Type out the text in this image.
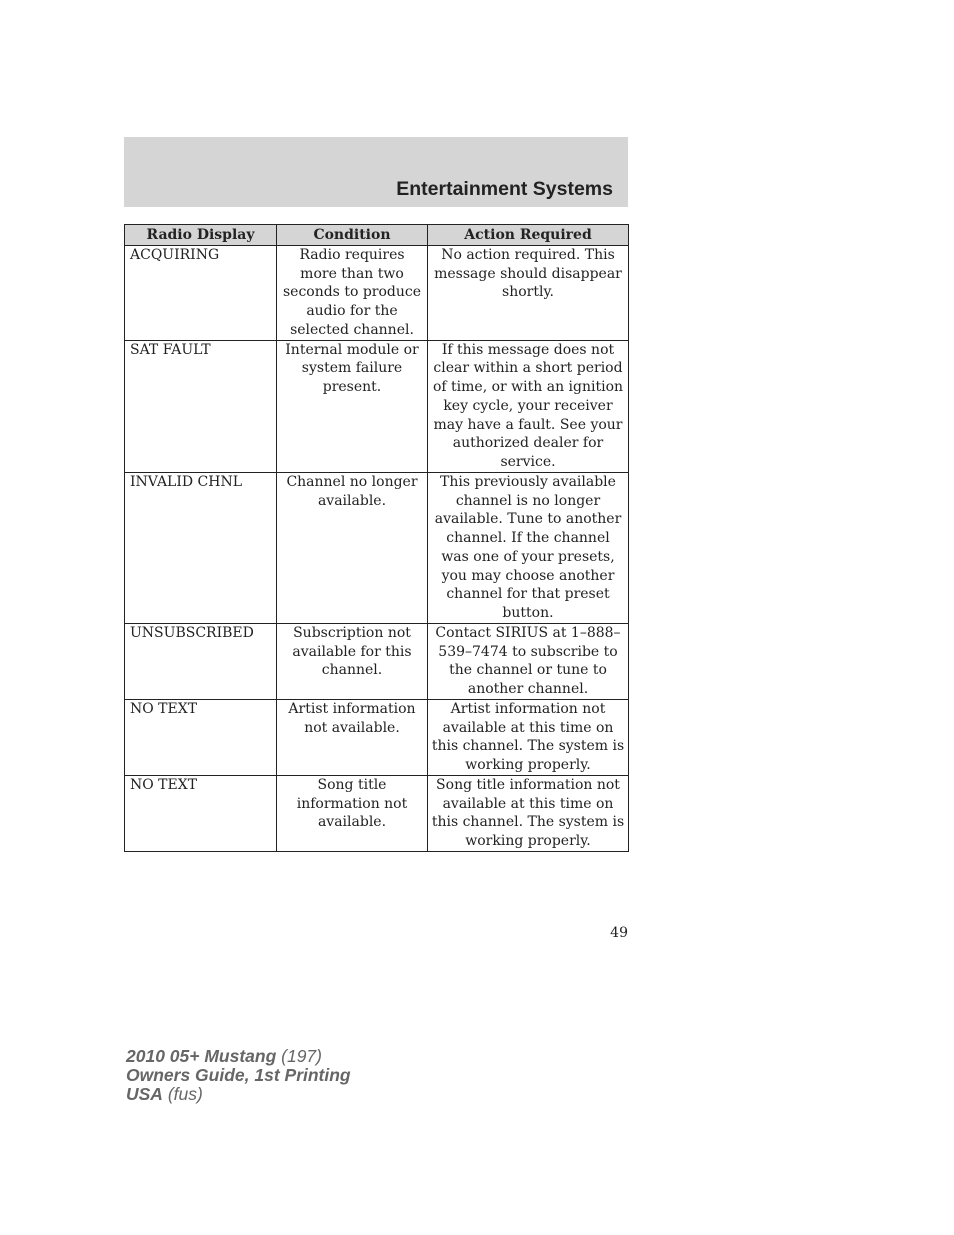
Entertainment Systems
Radio Display	Condition	Action Required
ACQUIRING	Radio requires more than two seconds to produce audio for the selected channel.	No action required. This message should disappear shortly.
SAT FAULT	Internal module or system failure present.	If this message does not clear within a short period of time, or with an ignition key cycle, your receiver may have a fault. See your authorized dealer for service.
INVALID CHNL	Channel no longer available.	This previously available channel is no longer available. Tune to another channel. If the channel was one of your presets, you may choose another channel for that preset button.
UNSUBSCRIBED	Subscription not available for this channel.	Contact SIRIUS at 1–888–539–7474 to subscribe to the channel or tune to another channel.
NO TEXT	Artist information not available.	Artist information not available at this time on this channel. The system is working properly.
NO TEXT	Song title information not available.	Song title information not available at this time on this channel. The system is working properly.
49
2010 05+ Mustang (197)
Owners Guide, 1st Printing
USA (fus)
